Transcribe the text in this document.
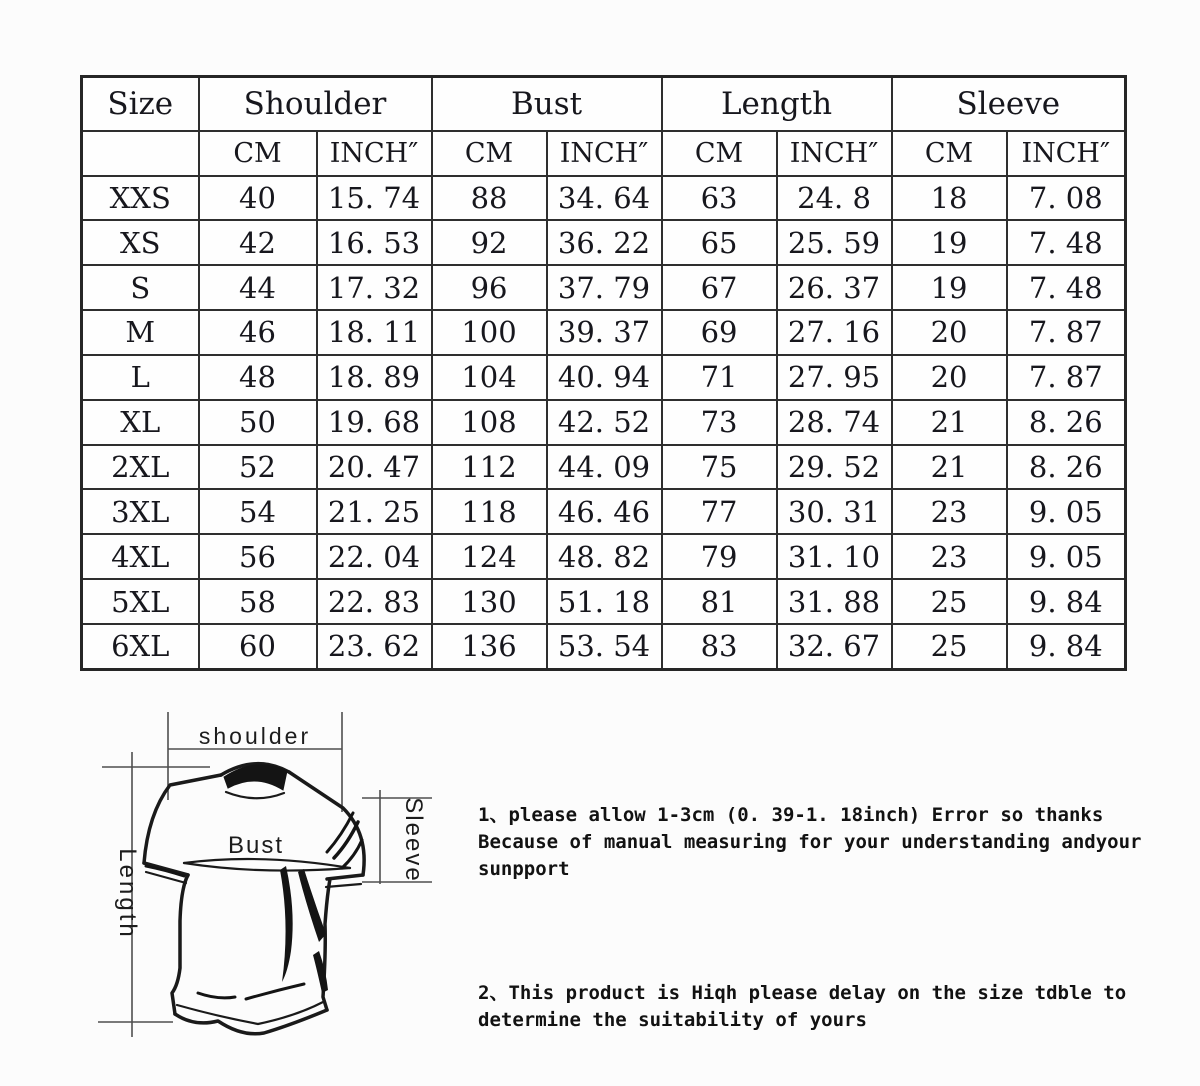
Size	Shoulder		Bust		Length		Sleeve	
	CM	INCH″	CM	INCH″	CM	INCH″	CM	INCH″
XXS	40	15. 74	88	34. 64	63	24. 8	18	7. 08
XS	42	16. 53	92	36. 22	65	25. 59	19	7. 48
S	44	17. 32	96	37. 79	67	26. 37	19	7. 48
M	46	18. 11	100	39. 37	69	27. 16	20	7. 87
L	48	18. 89	104	40. 94	71	27. 95	20	7. 87
XL	50	19. 68	108	42. 52	73	28. 74	21	8. 26
2XL	52	20. 47	112	44. 09	75	29. 52	21	8. 26
3XL	54	21. 25	118	46. 46	77	30. 31	23	9. 05
4XL	56	22. 04	124	48. 82	79	31. 10	23	9. 05
5XL	58	22. 83	130	51. 18	81	31. 88	25	9. 84
6XL	60	23. 62	136	53. 54	83	32. 67	25	9. 84
shoulder
Length
Sleeve
Bust
1、please allow 1-3cm (0. 39-1. 18inch) Error so thanks
Because of manual measuring for your understanding andyour
sunpport
2、This product is Hiqh please delay on the size tdble to
determine the suitability of yours
